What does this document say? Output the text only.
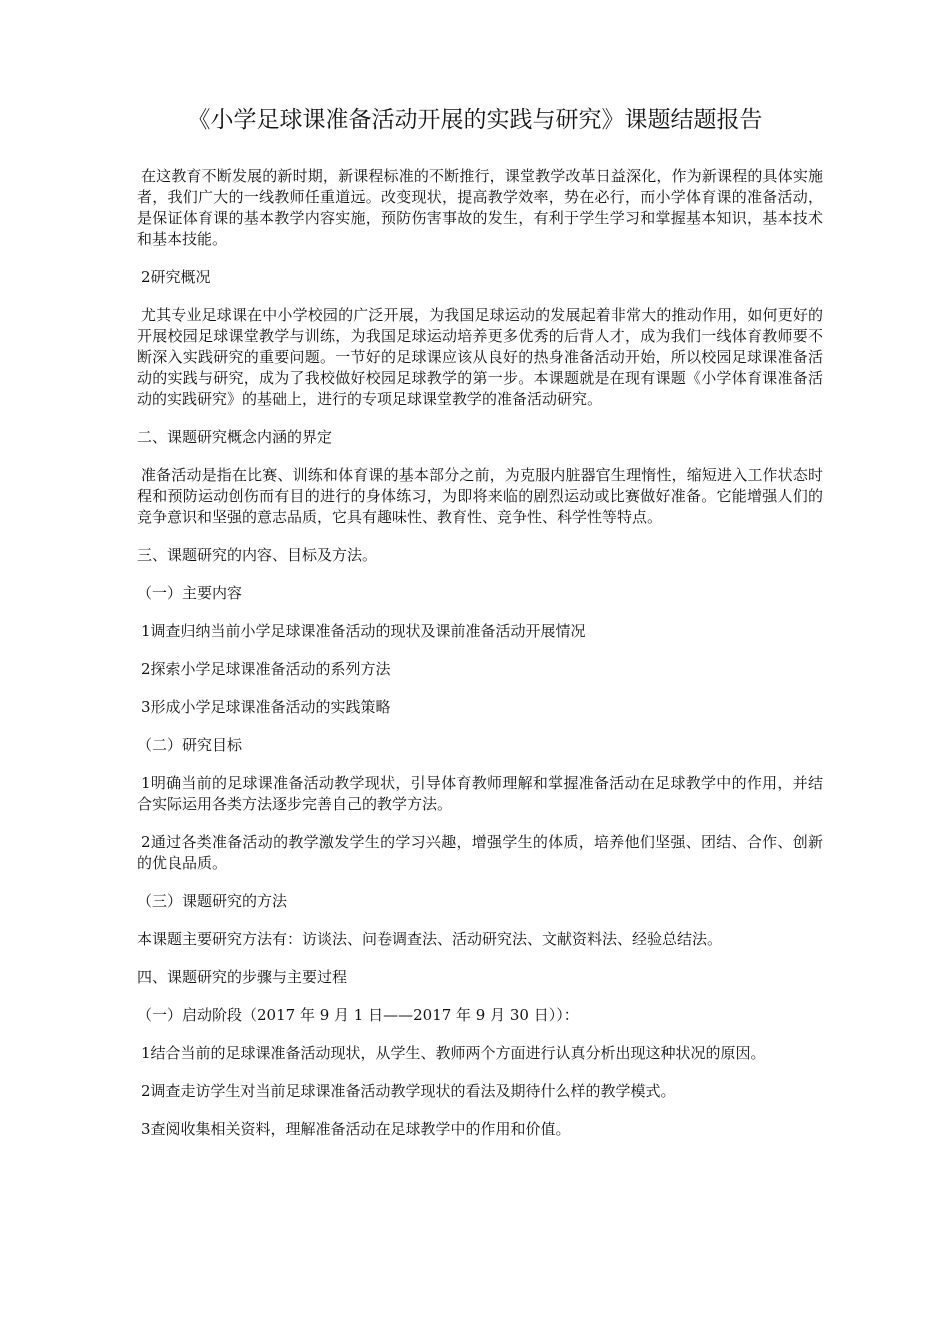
《小学足球课准备活动开展的实践与研究》课题结题报告

在这教育不断发展的新时期，新课程标准的不断推行，课堂教学改革日益深化，作为新课程的具体实施者，我们广大的一线教师任重道远。改变现状，提高教学效率，势在必行，而小学体育课的准备活动，是保证体育课的基本教学内容实施，预防伤害事故的发生，有利于学生学习和掌握基本知识，基本技术和基本技能。

2研究概况

尤其专业足球课在中小学校园的广泛开展，为我国足球运动的发展起着非常大的推动作用，如何更好的开展校园足球课堂教学与训练，为我国足球运动培养更多优秀的后背人才，成为我们一线体育教师要不断深入实践研究的重要问题。一节好的足球课应该从良好的热身准备活动开始，所以校园足球课准备活动的实践与研究，成为了我校做好校园足球教学的第一步。本课题就是在现有课题《小学体育课准备活动的实践研究》的基础上，进行的专项足球课堂教学的准备活动研究。

二、课题研究概念内涵的界定

准备活动是指在比赛、训练和体育课的基本部分之前，为克服内脏器官生理惰性，缩短进入工作状态时程和预防运动创伤而有目的进行的身体练习，为即将来临的剧烈运动或比赛做好准备。它能增强人们的竞争意识和坚强的意志品质，它具有趣味性、教育性、竞争性、科学性等特点。

三、课题研究的内容、目标及方法。

（一）主要内容

1调查归纳当前小学足球课准备活动的现状及课前准备活动开展情况

2探索小学足球课准备活动的系列方法

3形成小学足球课准备活动的实践策略

（二）研究目标

1明确当前的足球课准备活动教学现状，引导体育教师理解和掌握准备活动在足球教学中的作用，并结合实际运用各类方法逐步完善自己的教学方法。

2通过各类准备活动的教学激发学生的学习兴趣，增强学生的体质，培养他们坚强、团结、合作、创新的优良品质。

（三）课题研究的方法

本课题主要研究方法有：访谈法、问卷调查法、活动研究法、文献资料法、经验总结法。

四、课题研究的步骤与主要过程

（一）启动阶段（2017 年 9 月 1 日——2017 年 9 月 30 日））：

1结合当前的足球课准备活动现状，从学生、教师两个方面进行认真分析出现这种状况的原因。

2调查走访学生对当前足球课准备活动教学现状的看法及期待什么样的教学模式。

3查阅收集相关资料，理解准备活动在足球教学中的作用和价值。
